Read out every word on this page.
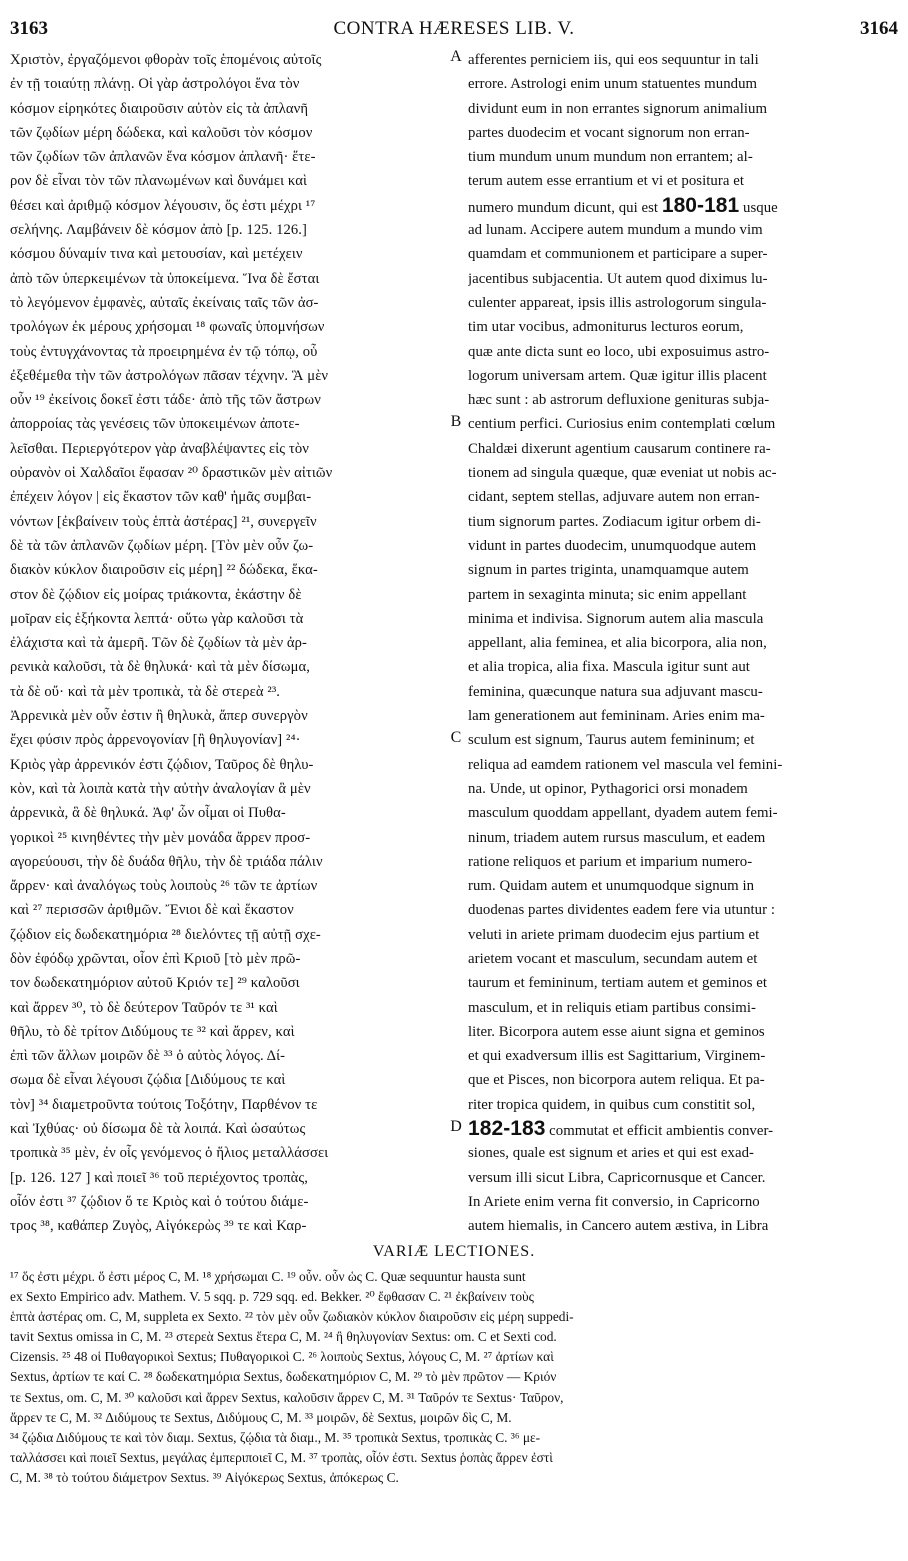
3163	CONTRA HÆRESES LIB. V.	3164
Χριστὸν, ἐργαζόμενοι φθορὰν τοῖς ἑπομένοις αὐτοῖς
ἐν τῇ τοιαύτῃ πλάνῃ. Οἱ γὰρ ἀστρολόγοι ἕνα τὸν
κόσμον εἰρηκότες διαιροῦσιν αὐτὸν εἰς τὰ ἀπλανῆ
τῶν ζῳδίων μέρη δώδεκα, καὶ καλοῦσι τὸν κόσμον
τῶν ζῳδίων τῶν ἀπλανῶν ἕνα κόσμον ἀπλανῆ· ἕτε-
ρον δὲ εἶναι τὸν τῶν πλανωμένων καὶ δυνάμει καὶ
θέσει καὶ ἀριθμῷ κόσμον λέγουσιν, ὅς ἐστι μέχρι ¹⁷
σελήνης. Λαμβάνειν δὲ κόσμον ἀπὸ [p. 125. 126.]
κόσμου δύναμίν τινα καὶ μετουσίαν, καὶ μετέχειν
ἀπὸ τῶν ὑπερκειμένων τὰ ὑποκείμενα. Ἵνα δὲ ἔσται
τὸ λεγόμενον ἐμφανὲς, αὐταῖς ἐκείναις ταῖς τῶν ἀσ-
τρολόγων ἐκ μέρους χρήσομαι ¹⁸ φωναῖς ὑπομνήσων
τοὺς ἐντυγχάνοντας τὰ προειρημένα ἐν τῷ τόπῳ, οὗ
ἐξεθέμεθα τὴν τῶν ἀστρολόγων πᾶσαν τέχνην. Ἃ μὲν
οὖν ¹⁹ ἐκείνοις δοκεῖ ἐστι τάδε· ἀπὸ τῆς τῶν ἄστρων
ἀπορροίας τὰς γενέσεις τῶν ὑποκειμένων ἀποτε-
λεῖσθαι. Περιεργότερον γὰρ ἀναβλέψαντες εἰς τὸν
οὐρανὸν οἱ Χαλδαῖοι ἔφασαν ²⁰ δραστικῶν μὲν αἰτιῶν
ἐπέχειν λόγον | εἰς ἕκαστον τῶν καθ' ἡμᾶς συμβαι-
νόντων [ἐκβαίνειν τοὺς ἑπτὰ ἀστέρας] ²¹, συνεργεῖν
δὲ τὰ τῶν ἀπλανῶν ζῳδίων μέρη. [Τὸν μὲν οὖν ζω-
διακὸν κύκλον διαιροῦσιν εἰς μέρη] ²² δώδεκα, ἕκα-
στον δὲ ζῴδιον εἰς μοίρας τριάκοντα, ἑκάστην δὲ
μοῖραν εἰς ἑξήκοντα λεπτά· οὕτω γὰρ καλοῦσι τὰ
ἐλάχιστα καὶ τὰ ἀμερῆ. Τῶν δὲ ζῳδίων τὰ μὲν ἀρ-
ρενικὰ καλοῦσι, τὰ δὲ θηλυκά· καὶ τὰ μὲν δίσωμα,
τὰ δὲ οὔ· καὶ τὰ μὲν τροπικὰ, τὰ δὲ στερεὰ ²³.
Ἀρρενικὰ μὲν οὖν ἐστιν ἢ θηλυκὰ, ἅπερ συνεργὸν
ἔχει φύσιν πρὸς ἀρρενογονίαν [ἢ θηλυγονίαν] ²⁴·
Κριὸς γὰρ ἀρρενικόν ἐστι ζῴδιον, Ταῦρος δὲ θηλυ-
κὸν, καὶ τὰ λοιπὰ κατὰ τὴν αὐτὴν ἀναλογίαν ἃ μὲν
ἀρρενικὰ, ἃ δὲ θηλυκά. Ἀφ' ὧν οἶμαι οἱ Πυθα-
γορικοὶ ²⁵ κινηθέντες τὴν μὲν μονάδα ἄρρεν προσ-
αγορεύουσι, τὴν δὲ δυάδα θῆλυ, τὴν δὲ τριάδα πάλιν
ἄρρεν· καὶ ἀναλόγως τοὺς λοιποὺς ²⁶ τῶν τε ἀρτίων
καὶ ²⁷ περισσῶν ἀριθμῶν. Ἔνιοι δὲ καὶ ἕκαστον
ζῴδιον εἰς δωδεκατημόρια ²⁸ διελόντες τῇ αὐτῇ σχε-
δὸν ἐφόδῳ χρῶνται, οἷον ἐπὶ Κριοῦ [τὸ μὲν πρῶ-
τον δωδεκατημόριον αὐτοῦ Κριόν τε] ²⁹ καλοῦσι
καὶ ἄρρεν ³⁰, τὸ δὲ δεύτερον Ταῦρόν τε ³¹ καὶ
θῆλυ, τὸ δὲ τρίτον Διδύμους τε ³² καὶ ἄρρεν, καὶ
ἐπὶ τῶν ἄλλων μοιρῶν δὲ ³³ ὁ αὐτὸς λόγος. Δί-
σωμα δὲ εἶναι λέγουσι ζῴδια [Διδύμους τε καὶ
τὸν] ³⁴ διαμετροῦντα τούτοις Τοξότην, Παρθένον τε
καὶ Ἰχθύας· οὐ δίσωμα δὲ τὰ λοιπά. Καὶ ὡσαύτως
τροπικὰ ³⁵ μὲν, ἐν οἷς γενόμενος ὁ ἥλιος μεταλλάσσει
[p. 126. 127 ] καὶ ποιεῖ ³⁶ τοῦ περιέχοντος τροπὰς,
οἷόν ἐστι ³⁷ ζῴδιον ὅ τε Κριὸς καὶ ὁ τούτου διάμε-
τρος ³⁸, καθάπερ Ζυγὸς, Αἰγόκερὼς ³⁹ τε καὶ Καρ-
A
B
C
D
afferentes perniciem iis, qui eos sequuntur in tali
errore. Astrologi enim unum statuentes mundum
dividunt eum in non errantes signorum animalium
partes duodecim et vocant signorum non erran-
tium mundum unum mundum non errantem; al-
terum autem esse errantium et vi et positura et
numero mundum dicunt, qui est 180-181 usque
ad lunam. Accipere autem mundum a mundo vim
quamdam et communionem et participare a super-
jacentibus subjacentia. Ut autem quod diximus lu-
culenter appareat, ipsis illis astrologorum singula-
tim utar vocibus, admoniturus lecturos eorum,
quæ ante dicta sunt eo loco, ubi exposuimus astro-
logorum universam artem. Quæ igitur illis placent
hæc sunt : ab astrorum defluxione genituras subja-
centium perfici. Curiosius enim contemplati cœlum
Chaldæi dixerunt agentium causarum continere ra-
tionem ad singula quæque, quæ eveniat ut nobis ac-
cidant, septem stellas, adjuvare autem non erran-
tium signorum partes. Zodiacum igitur orbem di-
vidunt in partes duodecim, unumquodque autem
signum in partes triginta, unamquamque autem
partem in sexaginta minuta; sic enim appellant
minima et indivisa. Signorum autem alia mascula
appellant, alia feminea, et alia bicorpora, alia non,
et alia tropica, alia fixa. Mascula igitur sunt aut
feminina, quæcunque natura sua adjuvant mascu-
lam generationem aut femininam. Aries enim ma-
sculum est signum, Taurus autem femininum; et
reliqua ad eamdem rationem vel mascula vel femini-
na. Unde, ut opinor, Pythagorici orsi monadem
masculum quoddam appellant, dyadem autem femi-
ninum, triadem autem rursus masculum, et eadem
ratione reliquos et parium et imparium numero-
rum. Quidam autem et unumquodque signum in
duodenas partes dividentes eadem fere via utuntur :
veluti in ariete primam duodecim ejus partium et
arietem vocant et masculum, secundam autem et
taurum et femininum, tertiam autem et geminos et
masculum, et in reliquis etiam partibus consimi-
liter. Bicorpora autem esse aiunt signa et geminos
et qui exadversum illis est Sagittarium, Virginem-
que et Pisces, non bicorpora autem reliqua. Et pa-
riter tropica quidem, in quibus cum constitit sol,
182-183 commutat et efficit ambientis conver-
siones, quale est signum et aries et qui est exad-
versum illi sicut Libra, Capricornusque et Cancer.
In Ariete enim verna fit conversio, in Capricorno
autem hiemalis, in Cancero autem æstiva, in Libra
VARIÆ LECTIONES.
¹⁷ ὅς ἐστι μέχρι. ὅ ἐστι μέρος C, M. ¹⁸ χρήσωμαι C. ¹⁹ οὖν. οὖν ὡς C. Quæ sequuntur hausta sunt
ex Sexto Empirico adv. Mathem. V. 5 sqq. p. 729 sqq. ed. Bekker. ²⁰ ἔφθασαν C. ²¹ ἐκβαίνειν τοὺς
ἑπτὰ ἀστέρας om. C, M, suppleta ex Sexto. ²² τὸν μὲν οὖν ζωδιακὸν κύκλον διαιροῦσιν εἰς μέρη suppedi-
tavit Sextus omissa in C, M. ²³ στερεὰ Sextus ἕτερα C, M. ²⁴ ἢ θηλυγονίαν Sextus: om. C et Sexti cod.
Cizensis. ²⁵ 48 οἱ Πυθαγορικοὶ Sextus; Πυθαγορικοὶ C. ²⁶ λοιποὺς Sextus, λόγους C, M. ²⁷ ἀρτίων καὶ
Sextus, ἀρτίων τε καί C. ²⁸ δωδεκατημόρια Sextus, δωδεκατημόριον C, M. ²⁹ τὸ μὲν πρῶτον — Κριόν
τε Sextus, om. C, M. ³⁰ καλοῦσι καὶ ἄρρεν Sextus, καλοῦσιν ἄρρεν C, M. ³¹ Ταῦρόν τε Sextus· Ταῦρον,
ἄρρεν τε C, M. ³² Διδύμους τε Sextus, Διδύμους C, M. ³³ μοιρῶν, δὲ Sextus, μοιρῶν δὶς C, M.
³⁴ ζῴδια Διδύμους τε καὶ τὸν διαμ. Sextus, ζῴδια τὰ διαμ., M. ³⁵ τροπικὰ Sextus, τροπικὰς C. ³⁶ με-
ταλλάσσει καὶ ποιεῖ Sextus, μεγάλας ἐμπεριποιεῖ C, M. ³⁷ τροπὰς, οἷόν ἐστι. Sextus ῥοπὰς ἄρρεν ἐστὶ
C, M. ³⁸ τὸ τούτου διάμετρον Sextus. ³⁹ Αἰγόκερως Sextus, ἀπόκερως C.
